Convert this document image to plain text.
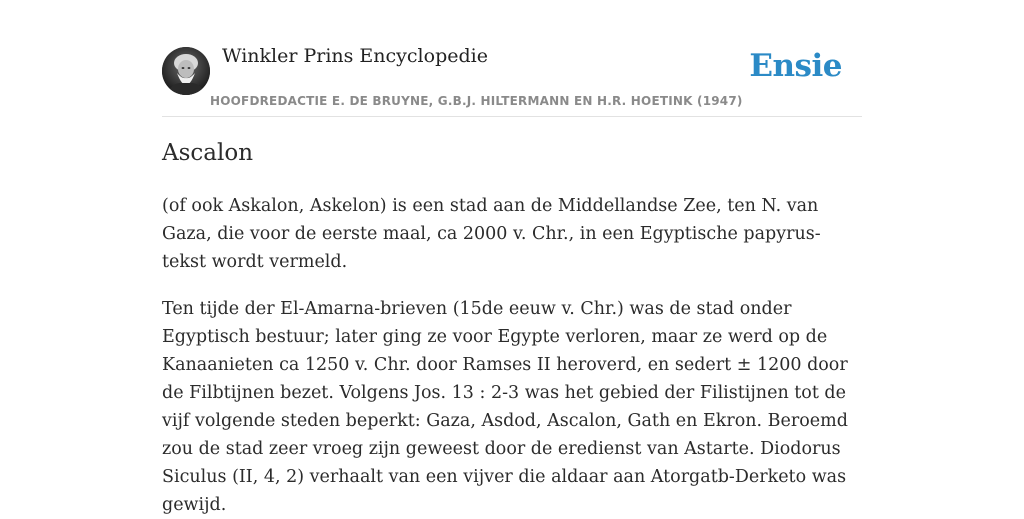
Winkler Prins Encyclopedie
HOOFDREDACTIE E. DE BRUYNE, G.B.J. HILTERMANN EN H.R. HOETINK (1947)
Ensie
Ascalon

(of ook Askalon, Askelon) is een stad aan de Middellandse Zee, ten N. van Gaza, die voor de eerste maal, ca 2000 v. Chr., in een Egyptische papyrus-tekst wordt vermeld.

Ten tijde der El-Amarna-brieven (15de eeuw v. Chr.) was de stad onder Egyptisch bestuur; later ging ze voor Egypte verloren, maar ze werd op de Kanaanieten ca 1250 v. Chr. door Ramses II heroverd, en sedert ± 1200 door de Filbtijnen bezet. Volgens Jos. 13 : 2-3 was het gebied der Filistijnen tot de vijf volgende steden beperkt: Gaza, Asdod, Ascalon, Gath en Ekron. Beroemd zou de stad zeer vroeg zijn geweest door de eredienst van Astarte. Diodorus Siculus (II, 4, 2) verhaalt van een vijver die aldaar aan Atorgatb-Derketo was gewijd.
